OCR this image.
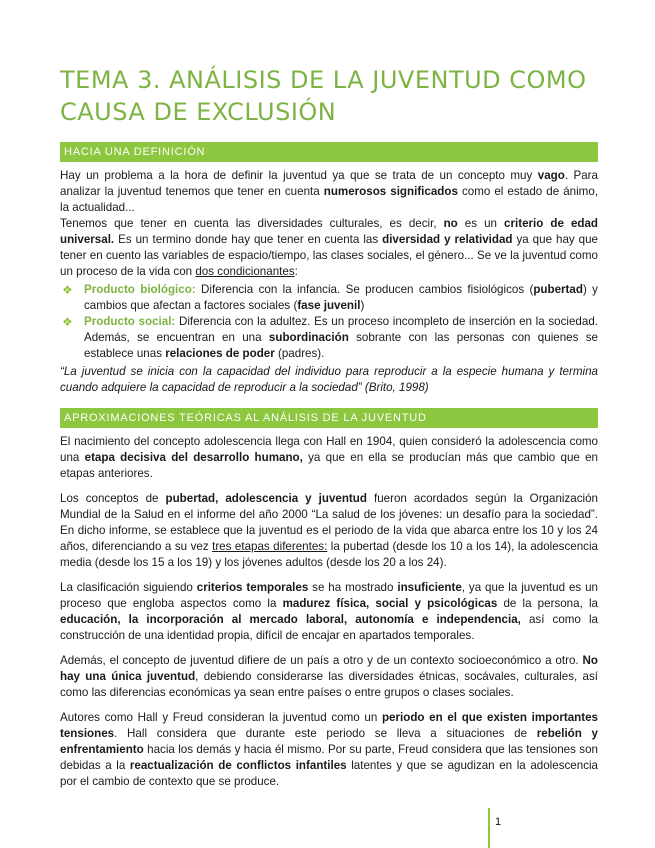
TEMA 3. ANÁLISIS DE LA JUVENTUD COMO CAUSA DE EXCLUSIÓN
HACIA UNA DEFINICIÓN

Hay un problema a la hora de definir la juventud ya que se trata de un concepto muy vago. Para analizar la juventud tenemos que tener en cuenta numerosos significados como el estado de ánimo, la actualidad...

Tenemos que tener en cuenta las diversidades culturales, es decir, no es un criterio de edad universal. Es un termino donde hay que tener en cuenta las diversidad y relatividad ya que hay que tener en cuento las variables de espacio/tiempo, las clases sociales, el género... Se ve la juventud como un proceso de la vida con dos condicionantes:

❖ Producto biológico: Diferencia con la infancia. Se producen cambios fisiológicos (pubertad) y cambios que afectan a factores sociales (fase juvenil)
❖ Producto social: Diferencia con la adultez. Es un proceso incompleto de inserción en la sociedad. Además, se encuentran en una subordinación sobrante con las personas con quienes se establece unas relaciones de poder (padres).

“La juventud se inicia con la capacidad del individuo para reproducir a la especie humana y termina cuando adquiere la capacidad de reproducir a la sociedad” (Brito, 1998)

APROXIMACIONES TEÓRICAS AL ANÁLISIS DE LA JUVENTUD

El nacimiento del concepto adolescencia llega con Hall en 1904, quien consideró la adolescencia como una etapa decisiva del desarrollo humano, ya que en ella se producían más que cambio que en etapas anteriores.

Los conceptos de pubertad, adolescencia y juventud fueron acordados según la Organización Mundial de la Salud en el informe del año 2000 “La salud de los jóvenes: un desafío para la sociedad”. En dicho informe, se establece que la juventud es el periodo de la vida que abarca entre los 10 y los 24 años, diferenciando a su vez tres etapas diferentes: la pubertad (desde los 10 a los 14), la adolescencia media (desde los 15 a los 19) y los jóvenes adultos (desde los 20 a los 24).

La clasificación siguiendo criterios temporales se ha mostrado insuficiente, ya que la juventud es un proceso que engloba aspectos como la madurez física, social y psicológicas de la persona, la educación, la incorporación al mercado laboral, autonomía e independencia, así como la construcción de una identidad propia, difícil de encajar en apartados temporales.

Además, el concepto de juventud difiere de un país a otro y de un contexto socioeconómico a otro. No hay una única juventud, debiendo considerarse las diversidades étnicas, socávales, culturales, así como las diferencias económicas ya sean entre países o entre grupos o clases sociales.

Autores como Hall y Freud consideran la juventud como un periodo en el que existen importantes tensiones. Hall considera que durante este periodo se lleva a situaciones de rebelión y enfrentamiento hacia los demás y hacia él mismo. Por su parte, Freud considera que las tensiones son debidas a la reactualización de conflictos infantiles latentes y que se agudizan en la adolescencia por el cambio de contexto que se produce.

1
